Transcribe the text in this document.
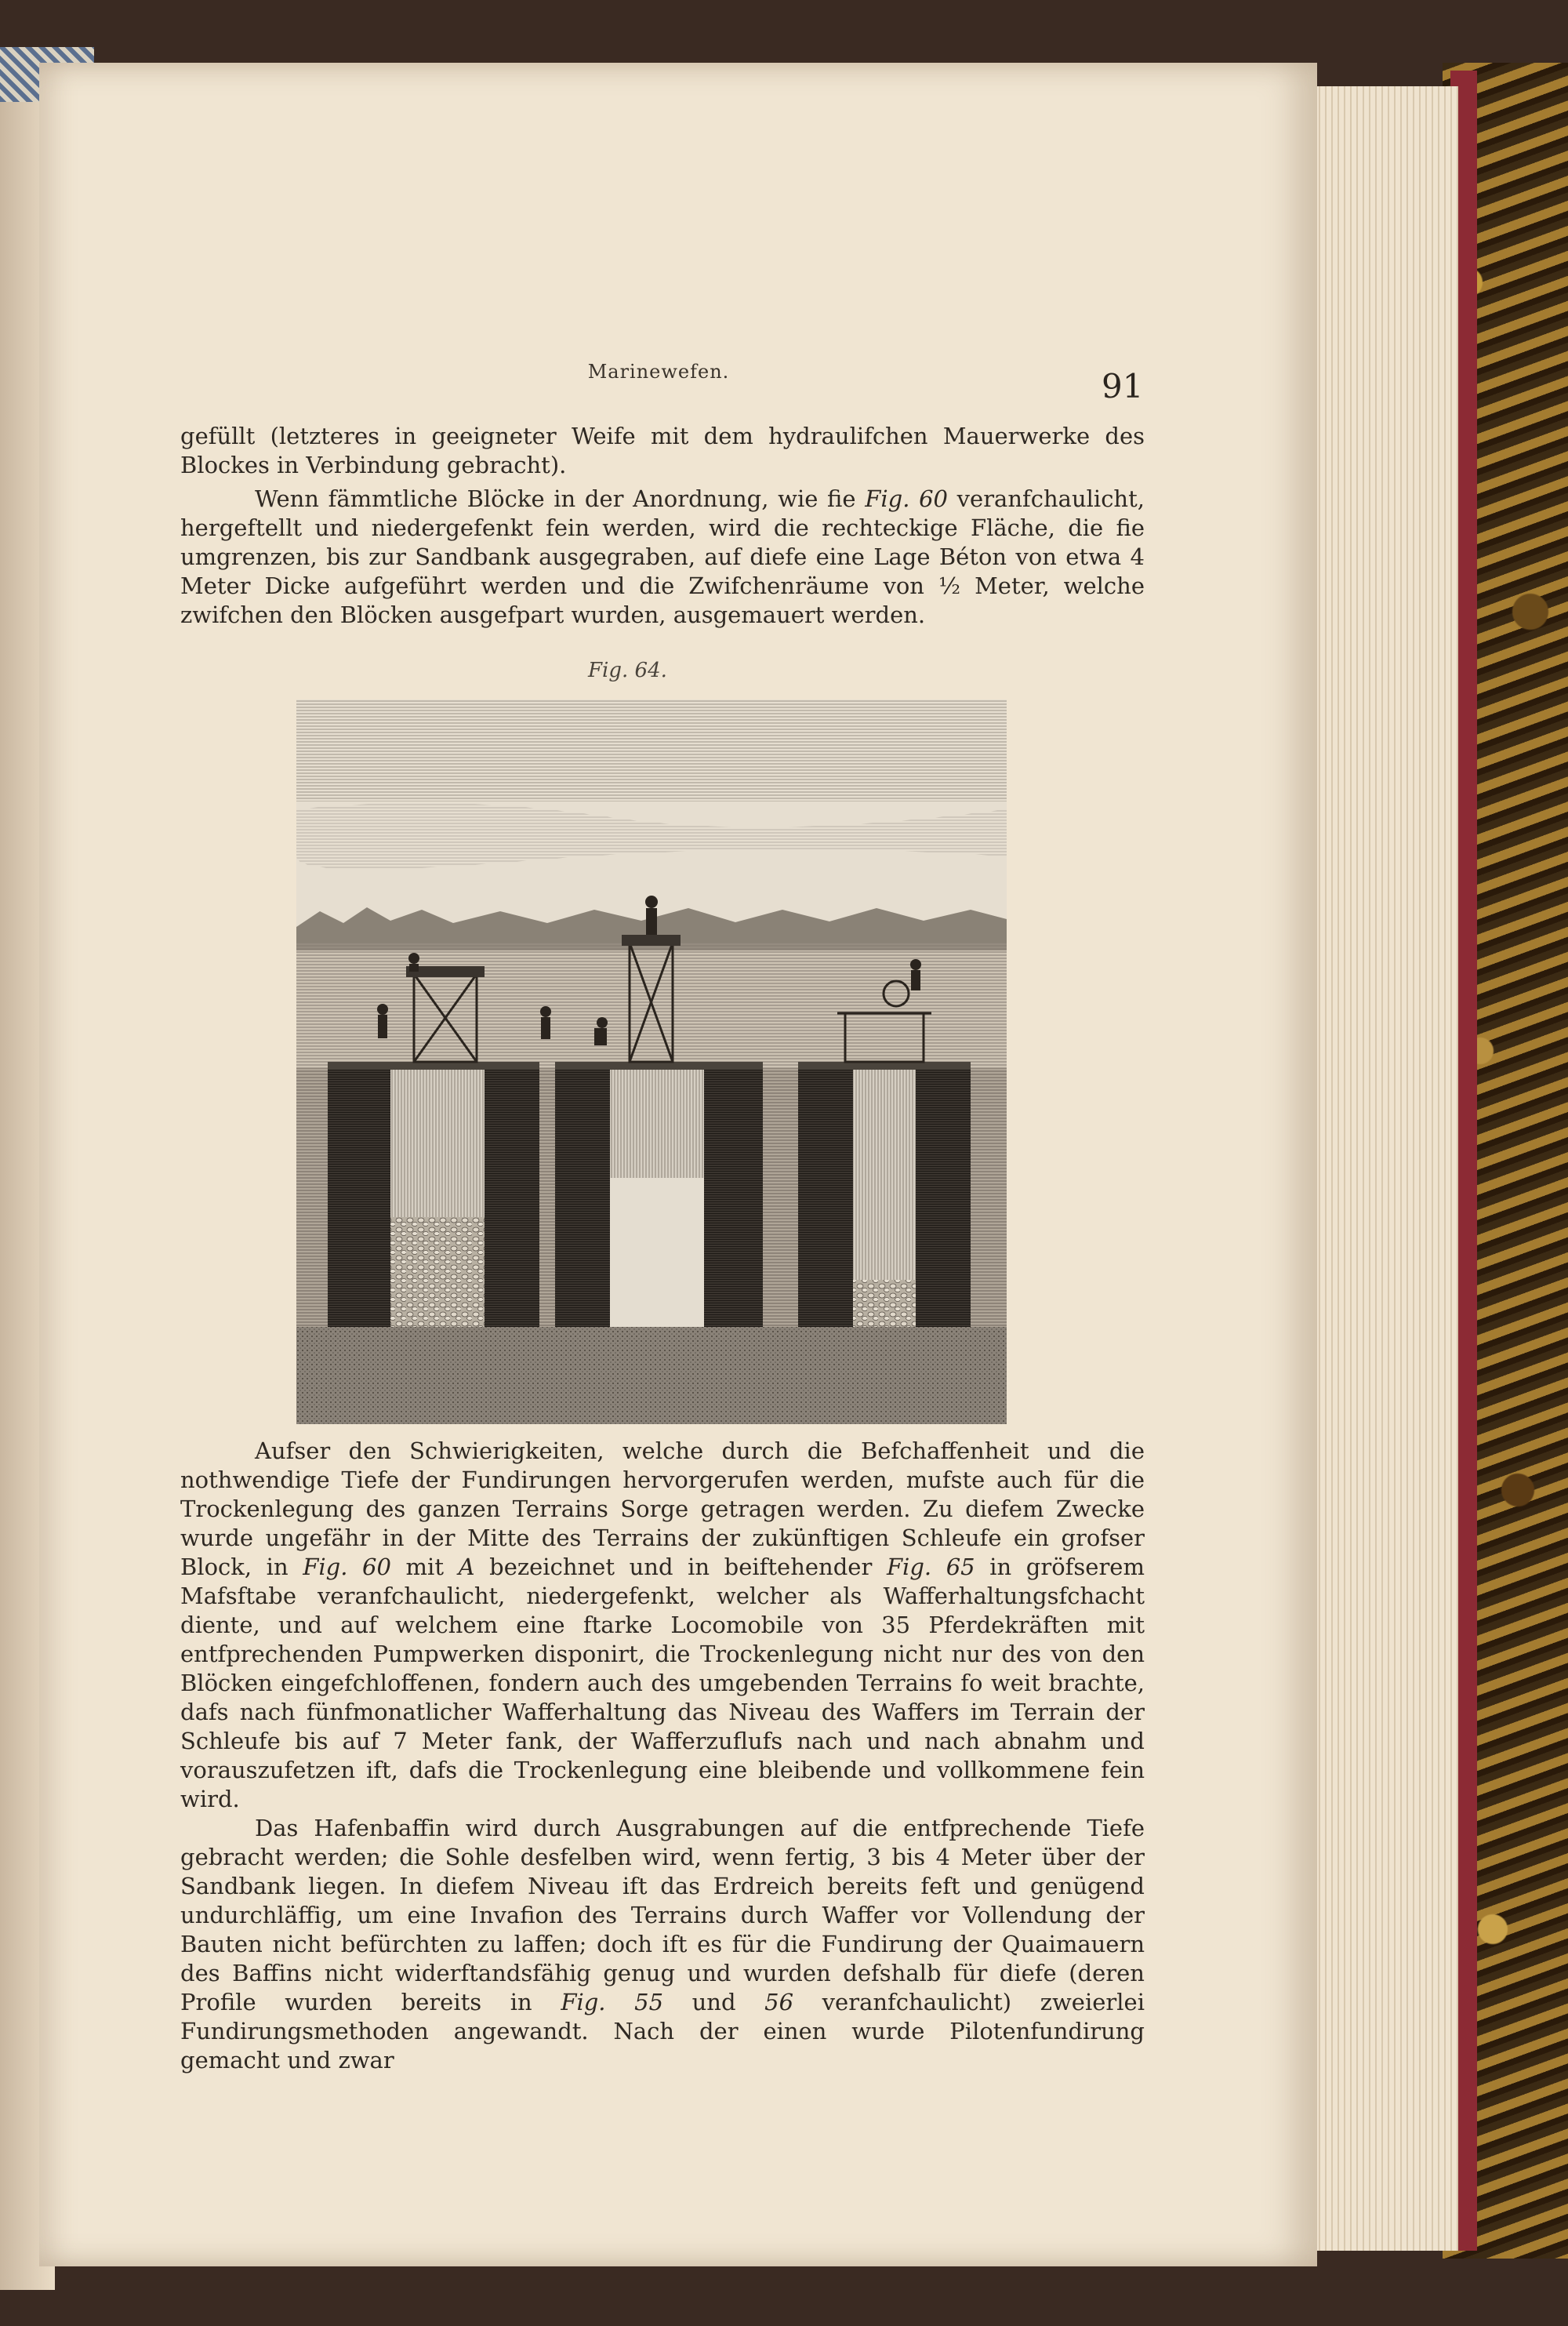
Marinewefen.	91

gefüllt (letzteres in geeigneter Weife mit dem hydraulifchen Mauerwerke des Blockes in Verbindung gebracht).

Wenn fämmtliche Blöcke in der Anordnung, wie fie Fig. 60 veranfchaulicht, hergeftellt und niedergefenkt fein werden, wird die rechteckige Fläche, die fie umgrenzen, bis zur Sandbank ausgegraben, auf diefe eine Lage Béton von etwa 4 Meter Dicke aufgeführt werden und die Zwifchenräume von ½ Meter, welche zwifchen den Blöcken ausgefpart wurden, ausgemauert werden.

Fig. 64.

Aufser den Schwierigkeiten, welche durch die Befchaffenheit und die nothwendige Tiefe der Fundirungen hervorgerufen werden, mufste auch für die Trockenlegung des ganzen Terrains Sorge getragen werden. Zu diefem Zwecke wurde ungefähr in der Mitte des Terrains der zukünftigen Schleufe ein grofser Block, in Fig. 60 mit A bezeichnet und in beiftehender Fig. 65 in gröfserem Mafsftabe veranfchaulicht, niedergefenkt, welcher als Wafferhaltungsfchacht diente, und auf welchem eine ftarke Locomobile von 35 Pferdekräften mit entfprechenden Pumpwerken disponirt, die Trockenlegung nicht nur des von den Blöcken eingefchloffenen, fondern auch des umgebenden Terrains fo weit brachte, dafs nach fünfmonatlicher Wafferhaltung das Niveau des Waffers im Terrain der Schleufe bis auf 7 Meter fank, der Wafferzuflufs nach und nach abnahm und vorauszufetzen ift, dafs die Trockenlegung eine bleibende und vollkommene fein wird.

Das Hafenbaffin wird durch Ausgrabungen auf die entfprechende Tiefe gebracht werden; die Sohle desfelben wird, wenn fertig, 3 bis 4 Meter über der Sandbank liegen. In diefem Niveau ift das Erdreich bereits feft und genügend undurchläffig, um eine Invafion des Terrains durch Waffer vor Vollendung der Bauten nicht befürchten zu laffen; doch ift es für die Fundirung der Quaimauern des Baffins nicht widerftandsfähig genug und wurden defshalb für diefe (deren Profile wurden bereits in Fig. 55 und 56 veranfchaulicht) zweierlei Fundirungsmethoden angewandt. Nach der einen wurde Pilotenfundirung gemacht und zwar
